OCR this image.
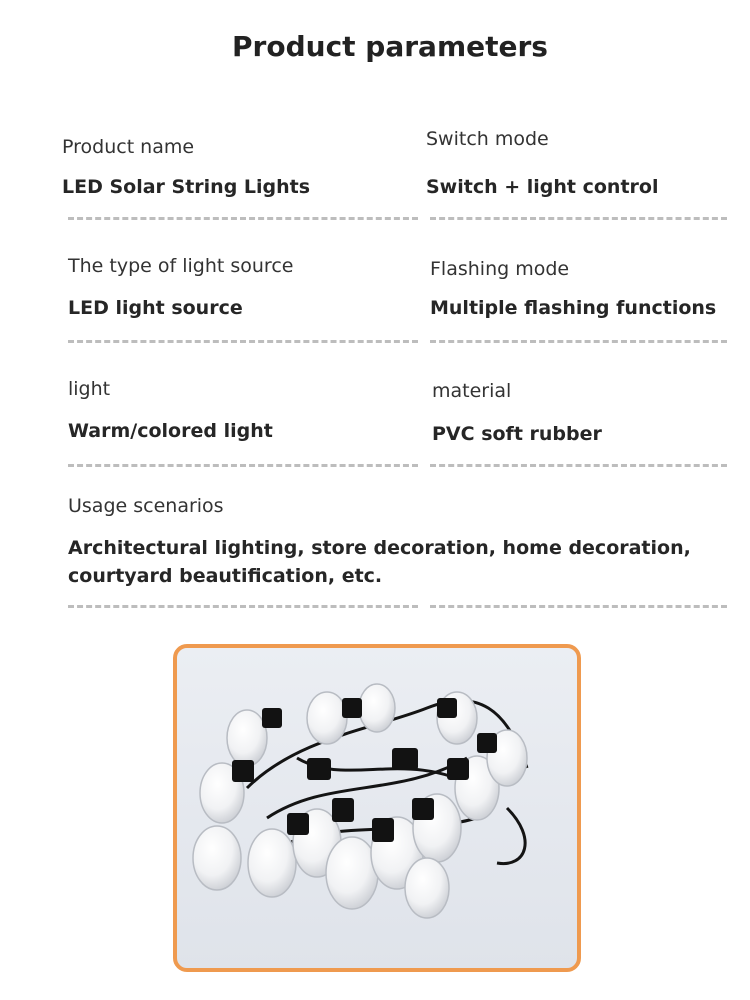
Product parameters
Product name
LED Solar String Lights
Switch mode
Switch + light control
The type of light source
LED light source
Flashing mode
Multiple flashing functions
light
Warm/colored light
material
PVC soft rubber
Usage scenarios
Architectural lighting, store decoration, home decoration,
courtyard beautification, etc.
